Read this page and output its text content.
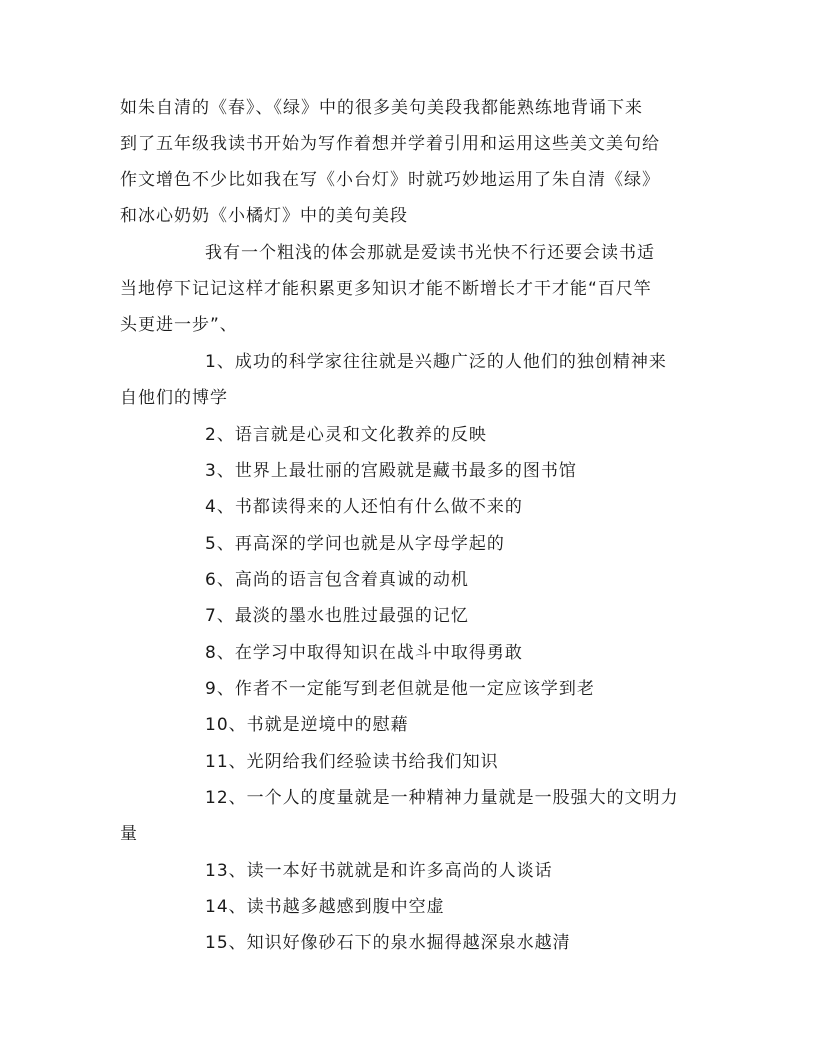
如朱自清的《春》、《绿》中的很多美句美段我都能熟练地背诵下来
到了五年级我读书开始为写作着想并学着引用和运用这些美文美句给
作文增色不少比如我在写《小台灯》时就巧妙地运用了朱自清《绿》
和冰心奶奶《小橘灯》中的美句美段
我有一个粗浅的体会那就是爱读书光快不行还要会读书适
当地停下记记这样才能积累更多知识才能不断增长才干才能“百尺竿
头更进一步”、
1、成功的科学家往往就是兴趣广泛的人他们的独创精神来
自他们的博学
2、语言就是心灵和文化教养的反映
3、世界上最壮丽的宫殿就是藏书最多的图书馆
4、书都读得来的人还怕有什么做不来的
5、再高深的学问也就是从字母学起的
6、高尚的语言包含着真诚的动机
7、最淡的墨水也胜过最强的记忆
8、在学习中取得知识在战斗中取得勇敢
9、作者不一定能写到老但就是他一定应该学到老
10、书就是逆境中的慰藉
11、光阴给我们经验读书给我们知识
12、一个人的度量就是一种精神力量就是一股强大的文明力
量
13、读一本好书就就是和许多高尚的人谈话
14、读书越多越感到腹中空虚
15、知识好像砂石下的泉水掘得越深泉水越清
